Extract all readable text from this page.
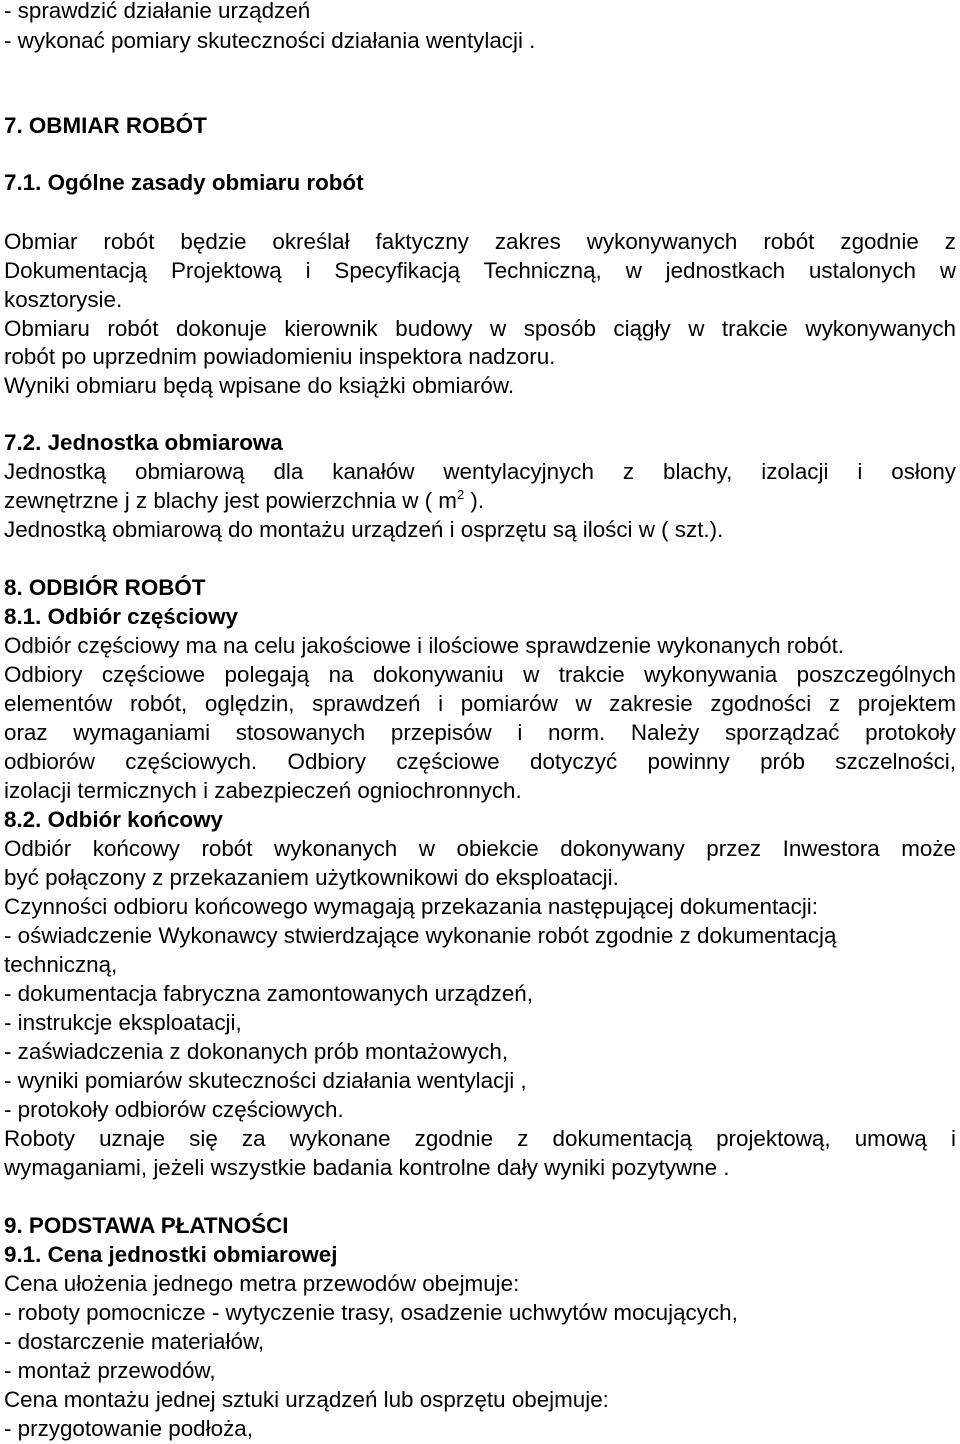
- sprawdzić działanie urządzeń
- wykonać pomiary skuteczności działania wentylacji .
7. OBMIAR ROBÓT
7.1. Ogólne zasady obmiaru robót
Obmiar robót będzie określał faktyczny zakres wykonywanych robót zgodnie z
Dokumentacją Projektową i Specyfikacją Techniczną, w jednostkach ustalonych w
kosztorysie.
Obmiaru robót dokonuje kierownik budowy w sposób ciągły w trakcie wykonywanych
robót po uprzednim powiadomieniu inspektora nadzoru.
Wyniki obmiaru będą wpisane do książki obmiarów.
7.2. Jednostka obmiarowa
Jednostką obmiarową dla kanałów wentylacyjnych z blachy, izolacji i osłony
zewnętrzne j z blachy jest powierzchnia w ( $m^2$ ).
Jednostką obmiarową do montażu urządzeń i osprzętu są ilości w ( szt.).
8. ODBIÓR ROBÓT
8.1. Odbiór częściowy
Odbiór częściowy ma na celu jakościowe i ilościowe sprawdzenie wykonanych robót.
Odbiory częściowe polegają na dokonywaniu w trakcie wykonywania poszczególnych
elementów robót, oględzin, sprawdzeń i pomiarów w zakresie zgodności z projektem
oraz wymaganiami stosowanych przepisów i norm. Należy sporządzać protokoły
odbiorów częściowych. Odbiory częściowe dotyczyć powinny prób szczelności,
izolacji termicznych i zabezpieczeń ogniochronnych.
8.2. Odbiór końcowy
Odbiór końcowy robót wykonanych w obiekcie dokonywany przez Inwestora może
być połączony z przekazaniem użytkownikowi do eksploatacji.
Czynności odbioru końcowego wymagają przekazania następującej dokumentacji:
- oświadczenie Wykonawcy stwierdzające wykonanie robót zgodnie z dokumentacją
techniczną,
- dokumentacja fabryczna zamontowanych urządzeń,
- instrukcje eksploatacji,
- zaświadczenia z dokonanych prób montażowych,
- wyniki pomiarów skuteczności działania wentylacji ,
- protokoły odbiorów częściowych.
Roboty uznaje się za wykonane zgodnie z dokumentacją projektową, umową i
wymaganiami, jeżeli wszystkie badania kontrolne dały wyniki pozytywne .
9. PODSTAWA PŁATNOŚCI
9.1. Cena jednostki obmiarowej
Cena ułożenia jednego metra przewodów obejmuje:
- roboty pomocnicze - wytyczenie trasy, osadzenie uchwytów mocujących,
- dostarczenie materiałów,
- montaż przewodów,
Cena montażu jednej sztuki urządzeń lub osprzętu obejmuje:
- przygotowanie podłoża,
